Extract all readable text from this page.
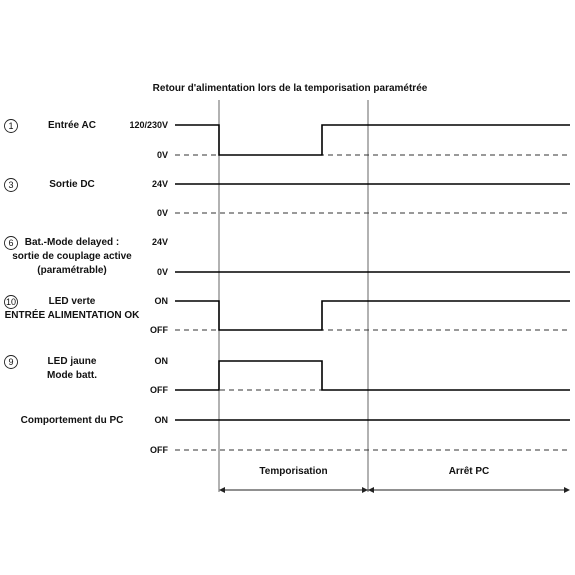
Retour d'alimentation lors de la temporisation paramétrée
1	Entrée AC	120/230V
0V
3	Sortie DC	24V
0V
6 Bat.-Mode delayed :
sortie de couplage active
(paramétrable)
24V
0V
10	LED verte
ENTRÉE ALIMENTATION OK
ON
OFF
9	LED jaune
Mode batt.
ON
OFF
Comportement du PC	ON
OFF
Temporisation	Arrêt PC
